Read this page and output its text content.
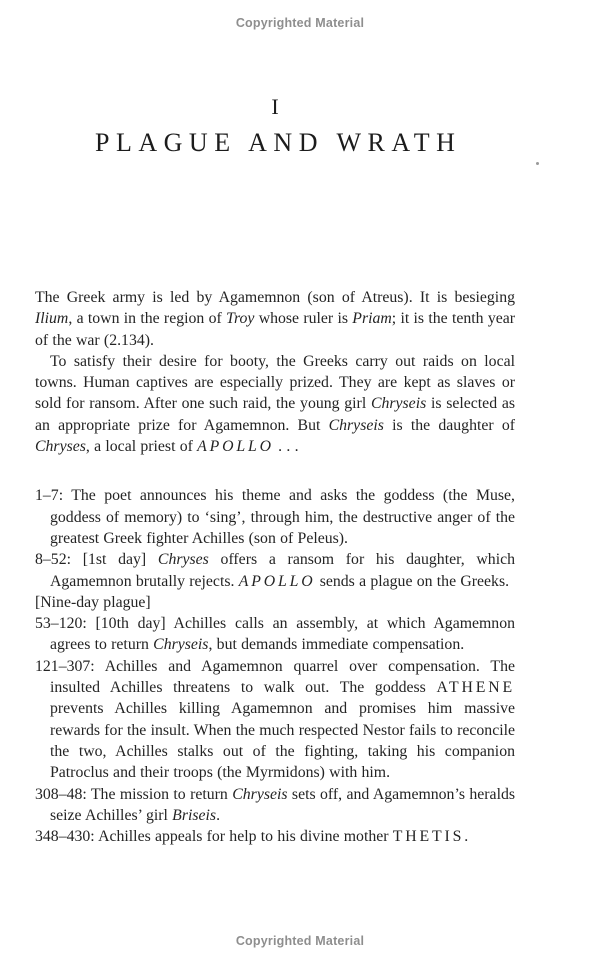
Copyrighted Material
I
PLAGUE AND WRATH

The Greek army is led by Agamemnon (son of Atreus). It is besieging Ilium, a town in the region of Troy whose ruler is Priam; it is the tenth year of the war (2.134).

To satisfy their desire for booty, the Greeks carry out raids on local towns. Human captives are especially prized. They are kept as slaves or sold for ransom. After one such raid, the young girl Chryseis is selected as an appropriate prize for Agamemnon. But Chryseis is the daughter of Chryses, a local priest of APOLLO . . .

1–7: The poet announces his theme and asks the goddess (the Muse, goddess of memory) to ‘sing’, through him, the destructive anger of the greatest Greek fighter Achilles (son of Peleus).

8–52: [1st day] Chryses offers a ransom for his daughter, which Agamemnon brutally rejects. APOLLO sends a plague on the Greeks.

[Nine-day plague]

53–120: [10th day] Achilles calls an assembly, at which Agamemnon agrees to return Chryseis, but demands immediate compensation.

121–307: Achilles and Agamemnon quarrel over compensation. The insulted Achilles threatens to walk out. The goddess ATHENE prevents Achilles killing Agamemnon and promises him massive rewards for the insult. When the much respected Nestor fails to reconcile the two, Achilles stalks out of the fighting, taking his companion Patroclus and their troops (the Myrmidons) with him.

308–48: The mission to return Chryseis sets off, and Agamemnon’s heralds seize Achilles’ girl Briseis.

348–430: Achilles appeals for help to his divine mother THETIS.

Copyrighted Material
